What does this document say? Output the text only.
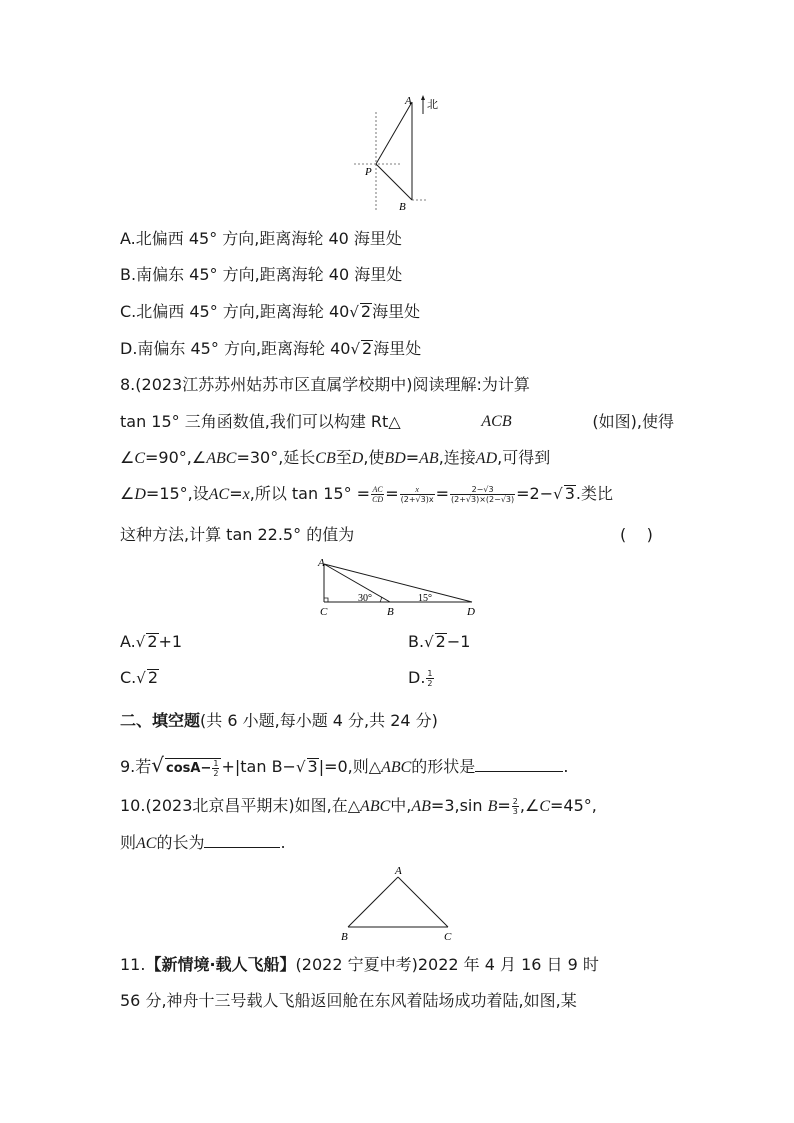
A 北
P
B
A.北偏西 45° 方向,距离海轮 40 海里处
B.南偏东 45° 方向,距离海轮 40 海里处
C.北偏西 45° 方向,距离海轮 40√ 2海里处
D.南偏东 45° 方向,距离海轮 40√ 2海里处
8.(2023江苏苏州姑苏市区直属学校期中)阅读理解:为计算
tan 15° 三角函数值,我们可以构建 Rt△	ACB	(如图),使得
∠C=90°,∠ABC=30°,延长CB至D,使BD=AB,连接AD,可得到
∠D=15°,设AC=x,所以 $\tan 15^\circ = \frac{AC}{CD} = \frac{x}{(2+√3)x} = \frac{2-√3}{(2+√3)\times(2-√3)} =2-√$ 3.类比
这种方法,计算 tan 22.5° 的值为	(    )
A
C	B	D
30°	15°
A.√ 2+1	B.√ 2−1
C.√ 2	D. $\frac{1}{2}$
二、填空题(共 6 小题,每小题 4 分,共 24 分)
9.若√ $\cos A- \frac{1}{2} +|\tan$ B−√ 3|=0,则△ABC的形状是	.
10.(2023北京昌平期末)如图,在△ABC中,AB=3,sin $B= \frac{2}{3}$ ,∠C=45°,
则AC的长为	.
A
B	C
11.【新情境·载人飞船】(2022 宁夏中考)2022 年 4 月 16 日 9 时
56 分,神舟十三号载人飞船返回舱在东风着陆场成功着陆,如图,某
